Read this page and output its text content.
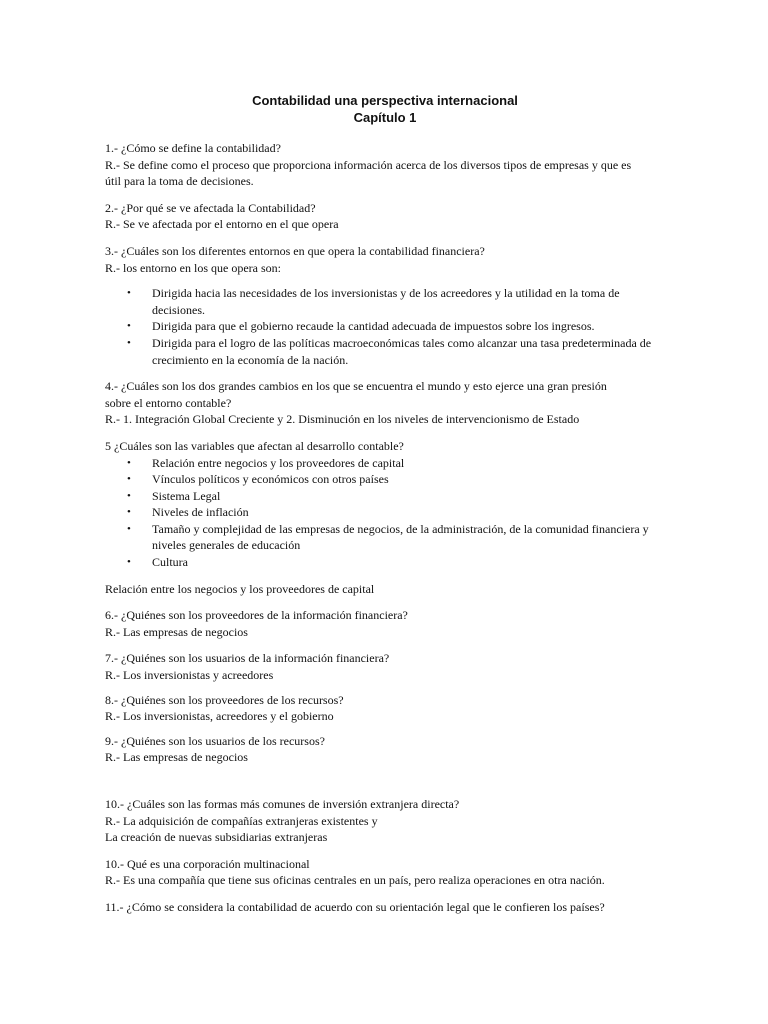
Contabilidad una perspectiva internacional
Capítulo 1
1.- ¿Cómo se define la contabilidad?
R.- Se define como el proceso que proporciona información acerca de los diversos tipos de empresas y que es
útil para la toma de decisiones.
2.- ¿Por qué se ve afectada la Contabilidad?
R.- Se ve afectada por el entorno en el que opera
3.- ¿Cuáles son los diferentes entornos en que opera la contabilidad financiera?
R.- los entorno en los que opera son:
• Dirigida hacia las necesidades de los inversionistas y de los acreedores y la utilidad en la toma de decisiones.
• Dirigida para que el gobierno recaude la cantidad adecuada de impuestos sobre los ingresos.
• Dirigida para el logro de las políticas macroeconómicas tales como alcanzar una tasa predeterminada de crecimiento en la economía de la nación.
4.- ¿Cuáles son los dos grandes cambios en los que se encuentra el mundo y esto ejerce una gran presión
sobre el entorno contable?
R.- 1. Integración Global Creciente y 2. Disminución en los niveles de intervencionismo de Estado
5 ¿Cuáles son las variables que afectan al desarrollo contable?
• Relación entre negocios y los proveedores de capital
• Vínculos políticos y económicos con otros países
• Sistema Legal
• Niveles de inflación
• Tamaño y complejidad de las empresas de negocios, de la administración, de la comunidad financiera y niveles generales de educación
• Cultura
Relación entre los negocios y los proveedores de capital
6.- ¿Quiénes son los proveedores de la información financiera?
R.- Las empresas de negocios
7.- ¿Quiénes son los usuarios de la información financiera?
R.- Los inversionistas y acreedores
8.- ¿Quiénes son los proveedores de los recursos?
R.- Los inversionistas, acreedores y el gobierno
9.- ¿Quiénes son los usuarios de los recursos?
R.- Las empresas de negocios
10.- ¿Cuáles son las formas más comunes de inversión extranjera directa?
R.- La adquisición de compañías extranjeras existentes y
La creación de nuevas subsidiarias extranjeras
10.- Qué es una corporación multinacional
R.- Es una compañía que tiene sus oficinas centrales en un país, pero realiza operaciones en otra nación.
11.- ¿Cómo se considera la contabilidad de acuerdo con su orientación legal que le confieren los países?
